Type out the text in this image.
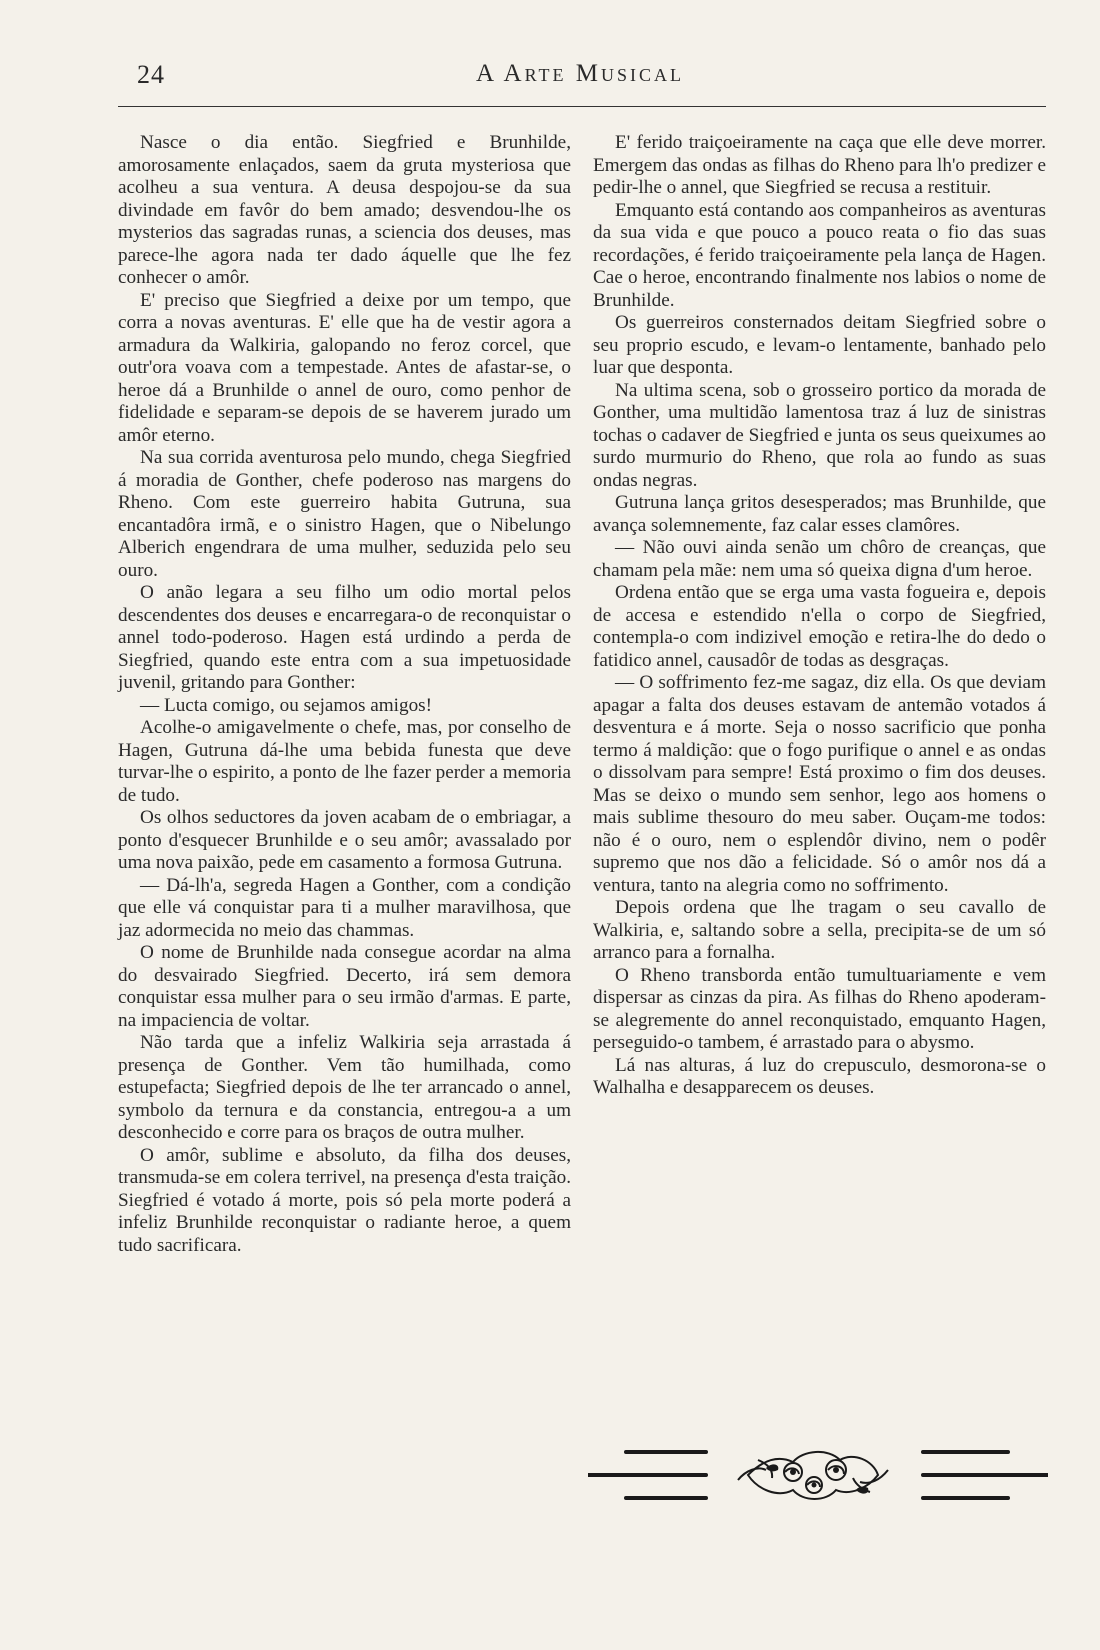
24	A Arte Musical

Nasce o dia então. Siegfried e Brunhilde, amorosamente enlaçados, saem da gruta mysteriosa que acolheu a sua ventura. A deusa despojou-se da sua divindade em favôr do bem amado; desvendou-lhe os mysterios das sagradas runas, a sciencia dos deuses, mas parece-lhe agora nada ter dado áquelle que lhe fez conhecer o amôr.

E' preciso que Siegfried a deixe por um tempo, que corra a novas aventuras. E' elle que ha de vestir agora a armadura da Walkiria, galopando no feroz corcel, que outr'ora voava com a tempestade. Antes de afastar-se, o heroe dá a Brunhilde o annel de ouro, como penhor de fidelidade e separam-se depois de se haverem jurado um amôr eterno.

Na sua corrida aventurosa pelo mundo, chega Siegfried á moradia de Gonther, chefe poderoso nas margens do Rheno. Com este guerreiro habita Gutruna, sua encantadôra irmã, e o sinistro Hagen, que o Nibelungo Alberich engendrara de uma mulher, seduzida pelo seu ouro.

O anão legara a seu filho um odio mortal pelos descendentes dos deuses e encarregara-o de reconquistar o annel todo-poderoso. Hagen está urdindo a perda de Siegfried, quando este entra com a sua impetuosidade juvenil, gritando para Gonther:

— Lucta comigo, ou sejamos amigos!

Acolhe-o amigavelmente o chefe, mas, por conselho de Hagen, Gutruna dá-lhe uma bebida funesta que deve turvar-lhe o espirito, a ponto de lhe fazer perder a memoria de tudo.

Os olhos seductores da joven acabam de o embriagar, a ponto d'esquecer Brunhilde e o seu amôr; avassalado por uma nova paixão, pede em casamento a formosa Gutruna.

— Dá-lh'a, segreda Hagen a Gonther, com a condição que elle vá conquistar para ti a mulher maravilhosa, que jaz adormecida no meio das chammas.

O nome de Brunhilde nada consegue acordar na alma do desvairado Siegfried. Decerto, irá sem demora conquistar essa mulher para o seu irmão d'armas. E parte, na impaciencia de voltar.

Não tarda que a infeliz Walkiria seja arrastada á presença de Gonther. Vem tão humilhada, como estupefacta; Siegfried depois de lhe ter arrancado o annel, symbolo da ternura e da constancia, entregou-a a um desconhecido e corre para os braços de outra mulher.

O amôr, sublime e absoluto, da filha dos deuses, transmuda-se em colera terrivel, na presença d'esta traição. Siegfried é votado á morte, pois só pela morte poderá a infeliz Brunhilde reconquistar o radiante heroe, a quem tudo sacrificara.

E' ferido traiçoeiramente na caça que elle deve morrer. Emergem das ondas as filhas do Rheno para lh'o predizer e pedir-lhe o annel, que Siegfried se recusa a restituir.

Emquanto está contando aos companheiros as aventuras da sua vida e que pouco a pouco reata o fio das suas recordações, é ferido traiçoeiramente pela lança de Hagen. Cae o heroe, encontrando finalmente nos labios o nome de Brunhilde.

Os guerreiros consternados deitam Siegfried sobre o seu proprio escudo, e levam-o lentamente, banhado pelo luar que desponta.

Na ultima scena, sob o grosseiro portico da morada de Gonther, uma multidão lamentosa traz á luz de sinistras tochas o cadaver de Siegfried e junta os seus queixumes ao surdo murmurio do Rheno, que rola ao fundo as suas ondas negras.

Gutruna lança gritos desesperados; mas Brunhilde, que avança solemnemente, faz calar esses clamôres.

— Não ouvi ainda senão um chôro de creanças, que chamam pela mãe: nem uma só queixa digna d'um heroe.

Ordena então que se erga uma vasta fogueira e, depois de accesa e estendido n'ella o corpo de Siegfried, contempla-o com indizivel emoção e retira-lhe do dedo o fatidico annel, causadôr de todas as desgraças.

— O soffrimento fez-me sagaz, diz ella. Os que deviam apagar a falta dos deuses estavam de antemão votados á desventura e á morte. Seja o nosso sacrificio que ponha termo á maldição: que o fogo purifique o annel e as ondas o dissolvam para sempre! Está proximo o fim dos deuses. Mas se deixo o mundo sem senhor, lego aos homens o mais sublime thesouro do meu saber. Ouçam-me todos: não é o ouro, nem o esplendôr divino, nem o podêr supremo que nos dão a felicidade. Só o amôr nos dá a ventura, tanto na alegria como no soffrimento.

Depois ordena que lhe tragam o seu cavallo de Walkiria, e, saltando sobre a sella, precipita-se de um só arranco para a fornalha.

O Rheno transborda então tumultuariamente e vem dispersar as cinzas da pira. As filhas do Rheno apoderam-se alegremente do annel reconquistado, emquanto Hagen, perseguido-o tambem, é arrastado para o abysmo.

Lá nas alturas, á luz do crepusculo, desmorona-se o Walhalha e desapparecem os deuses.
